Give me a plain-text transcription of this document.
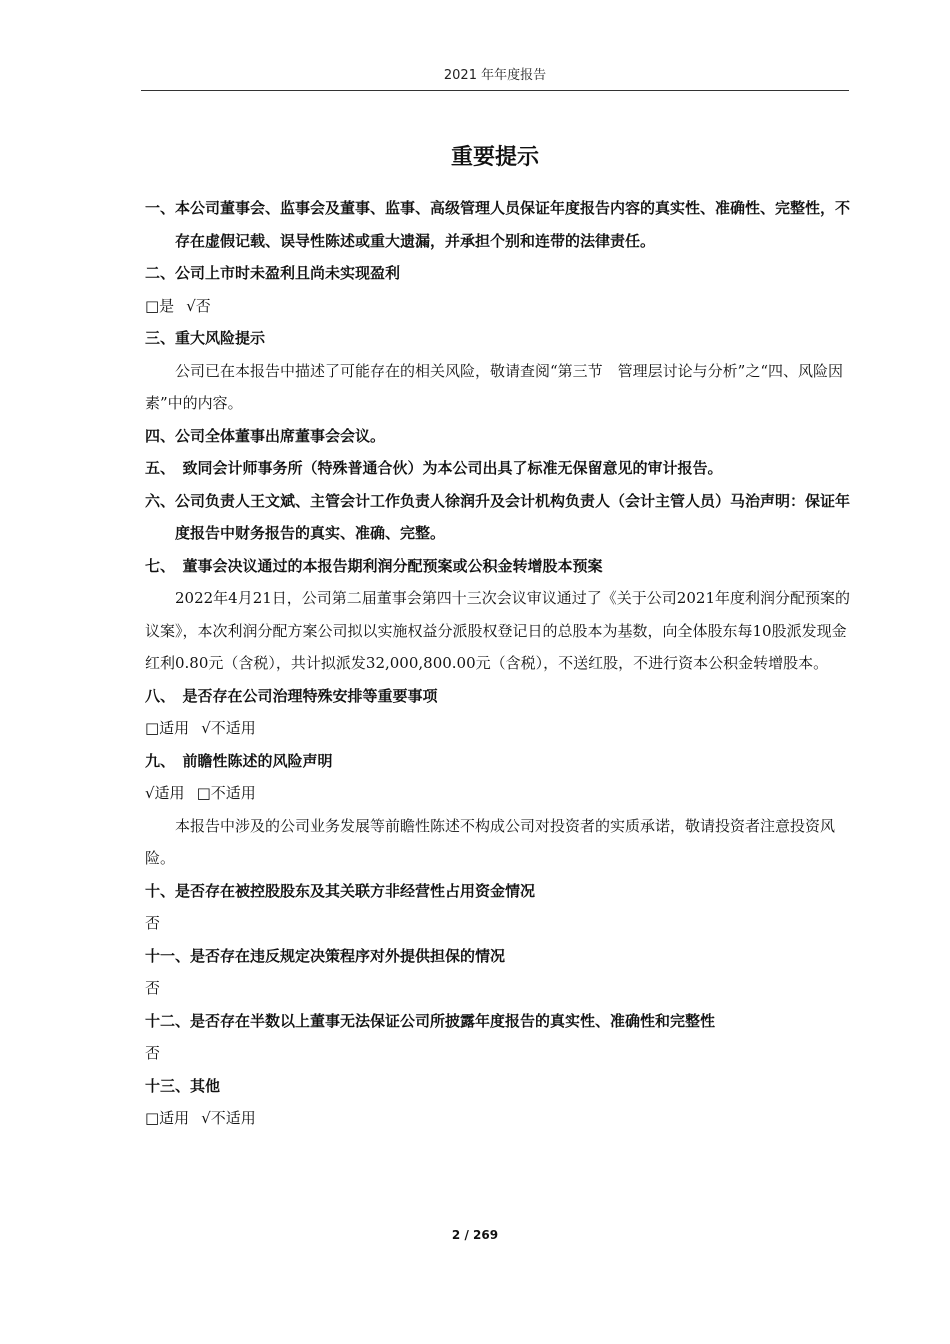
2021 年年度报告
重要提示

一、本公司董事会、监事会及董事、监事、高级管理人员保证年度报告内容的真实性、准确性、完整性，不存在虚假记载、误导性陈述或重大遗漏，并承担个别和连带的法律责任。

二、公司上市时未盈利且尚未实现盈利

□是 √否

三、重大风险提示

公司已在本报告中描述了可能存在的相关风险，敬请查阅“第三节　管理层讨论与分析”之“四、风险因素”中的内容。

四、公司全体董事出席董事会会议。

五、　致同会计师事务所（特殊普通合伙）为本公司出具了标准无保留意见的审计报告。

六、公司负责人王文斌、主管会计工作负责人徐润升及会计机构负责人（会计主管人员）马治声明：保证年度报告中财务报告的真实、准确、完整。

七、　董事会决议通过的本报告期利润分配预案或公积金转增股本预案

2022年4月21日，公司第二届董事会第四十三次会议审议通过了《关于公司2021年度利润分配预案的议案》，本次利润分配方案公司拟以实施权益分派股权登记日的总股本为基数，向全体股东每10股派发现金红利0.80元（含税），共计拟派发32,000,800.00元（含税），不送红股，不进行资本公积金转增股本。

八、　是否存在公司治理特殊安排等重要事项

□适用 √不适用

九、　前瞻性陈述的风险声明

√适用 □不适用

本报告中涉及的公司业务发展等前瞻性陈述不构成公司对投资者的实质承诺，敬请投资者注意投资风险。

十、是否存在被控股股东及其关联方非经营性占用资金情况

否

十一、是否存在违反规定决策程序对外提供担保的情况

否

十二、是否存在半数以上董事无法保证公司所披露年度报告的真实性、准确性和完整性

否

十三、其他

□适用 √不适用

2 / 269
